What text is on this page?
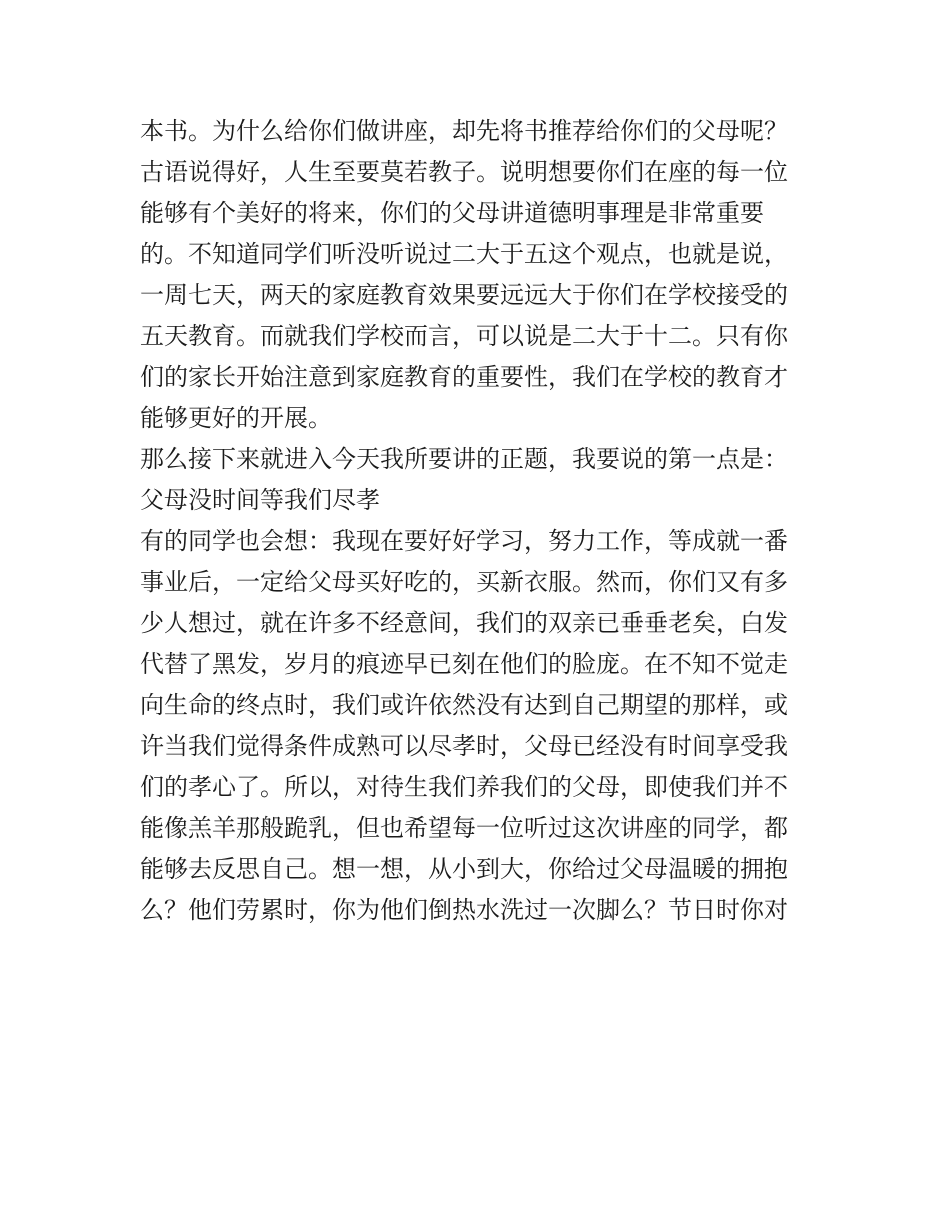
本书。为什么给你们做讲座，却先将书推荐给你们的父母呢？
古语说得好，人生至要莫若教子。说明想要你们在座的每一位
能够有个美好的将来，你们的父母讲道德明事理是非常重要
的。不知道同学们听没听说过二大于五这个观点，也就是说，
一周七天，两天的家庭教育效果要远远大于你们在学校接受的
五天教育。而就我们学校而言，可以说是二大于十二。只有你
们的家长开始注意到家庭教育的重要性，我们在学校的教育才
能够更好的开展。
那么接下来就进入今天我所要讲的正题，我要说的第一点是：
父母没时间等我们尽孝
有的同学也会想：我现在要好好学习，努力工作，等成就一番
事业后，一定给父母买好吃的，买新衣服。然而，你们又有多
少人想过，就在许多不经意间，我们的双亲已垂垂老矣，白发
代替了黑发，岁月的痕迹早已刻在他们的脸庞。在不知不觉走
向生命的终点时，我们或许依然没有达到自己期望的那样，或
许当我们觉得条件成熟可以尽孝时，父母已经没有时间享受我
们的孝心了。所以，对待生我们养我们的父母，即使我们并不
能像羔羊那般跪乳，但也希望每一位听过这次讲座的同学，都
能够去反思自己。想一想，从小到大，你给过父母温暖的拥抱
么？他们劳累时，你为他们倒热水洗过一次脚么？节日时你对
